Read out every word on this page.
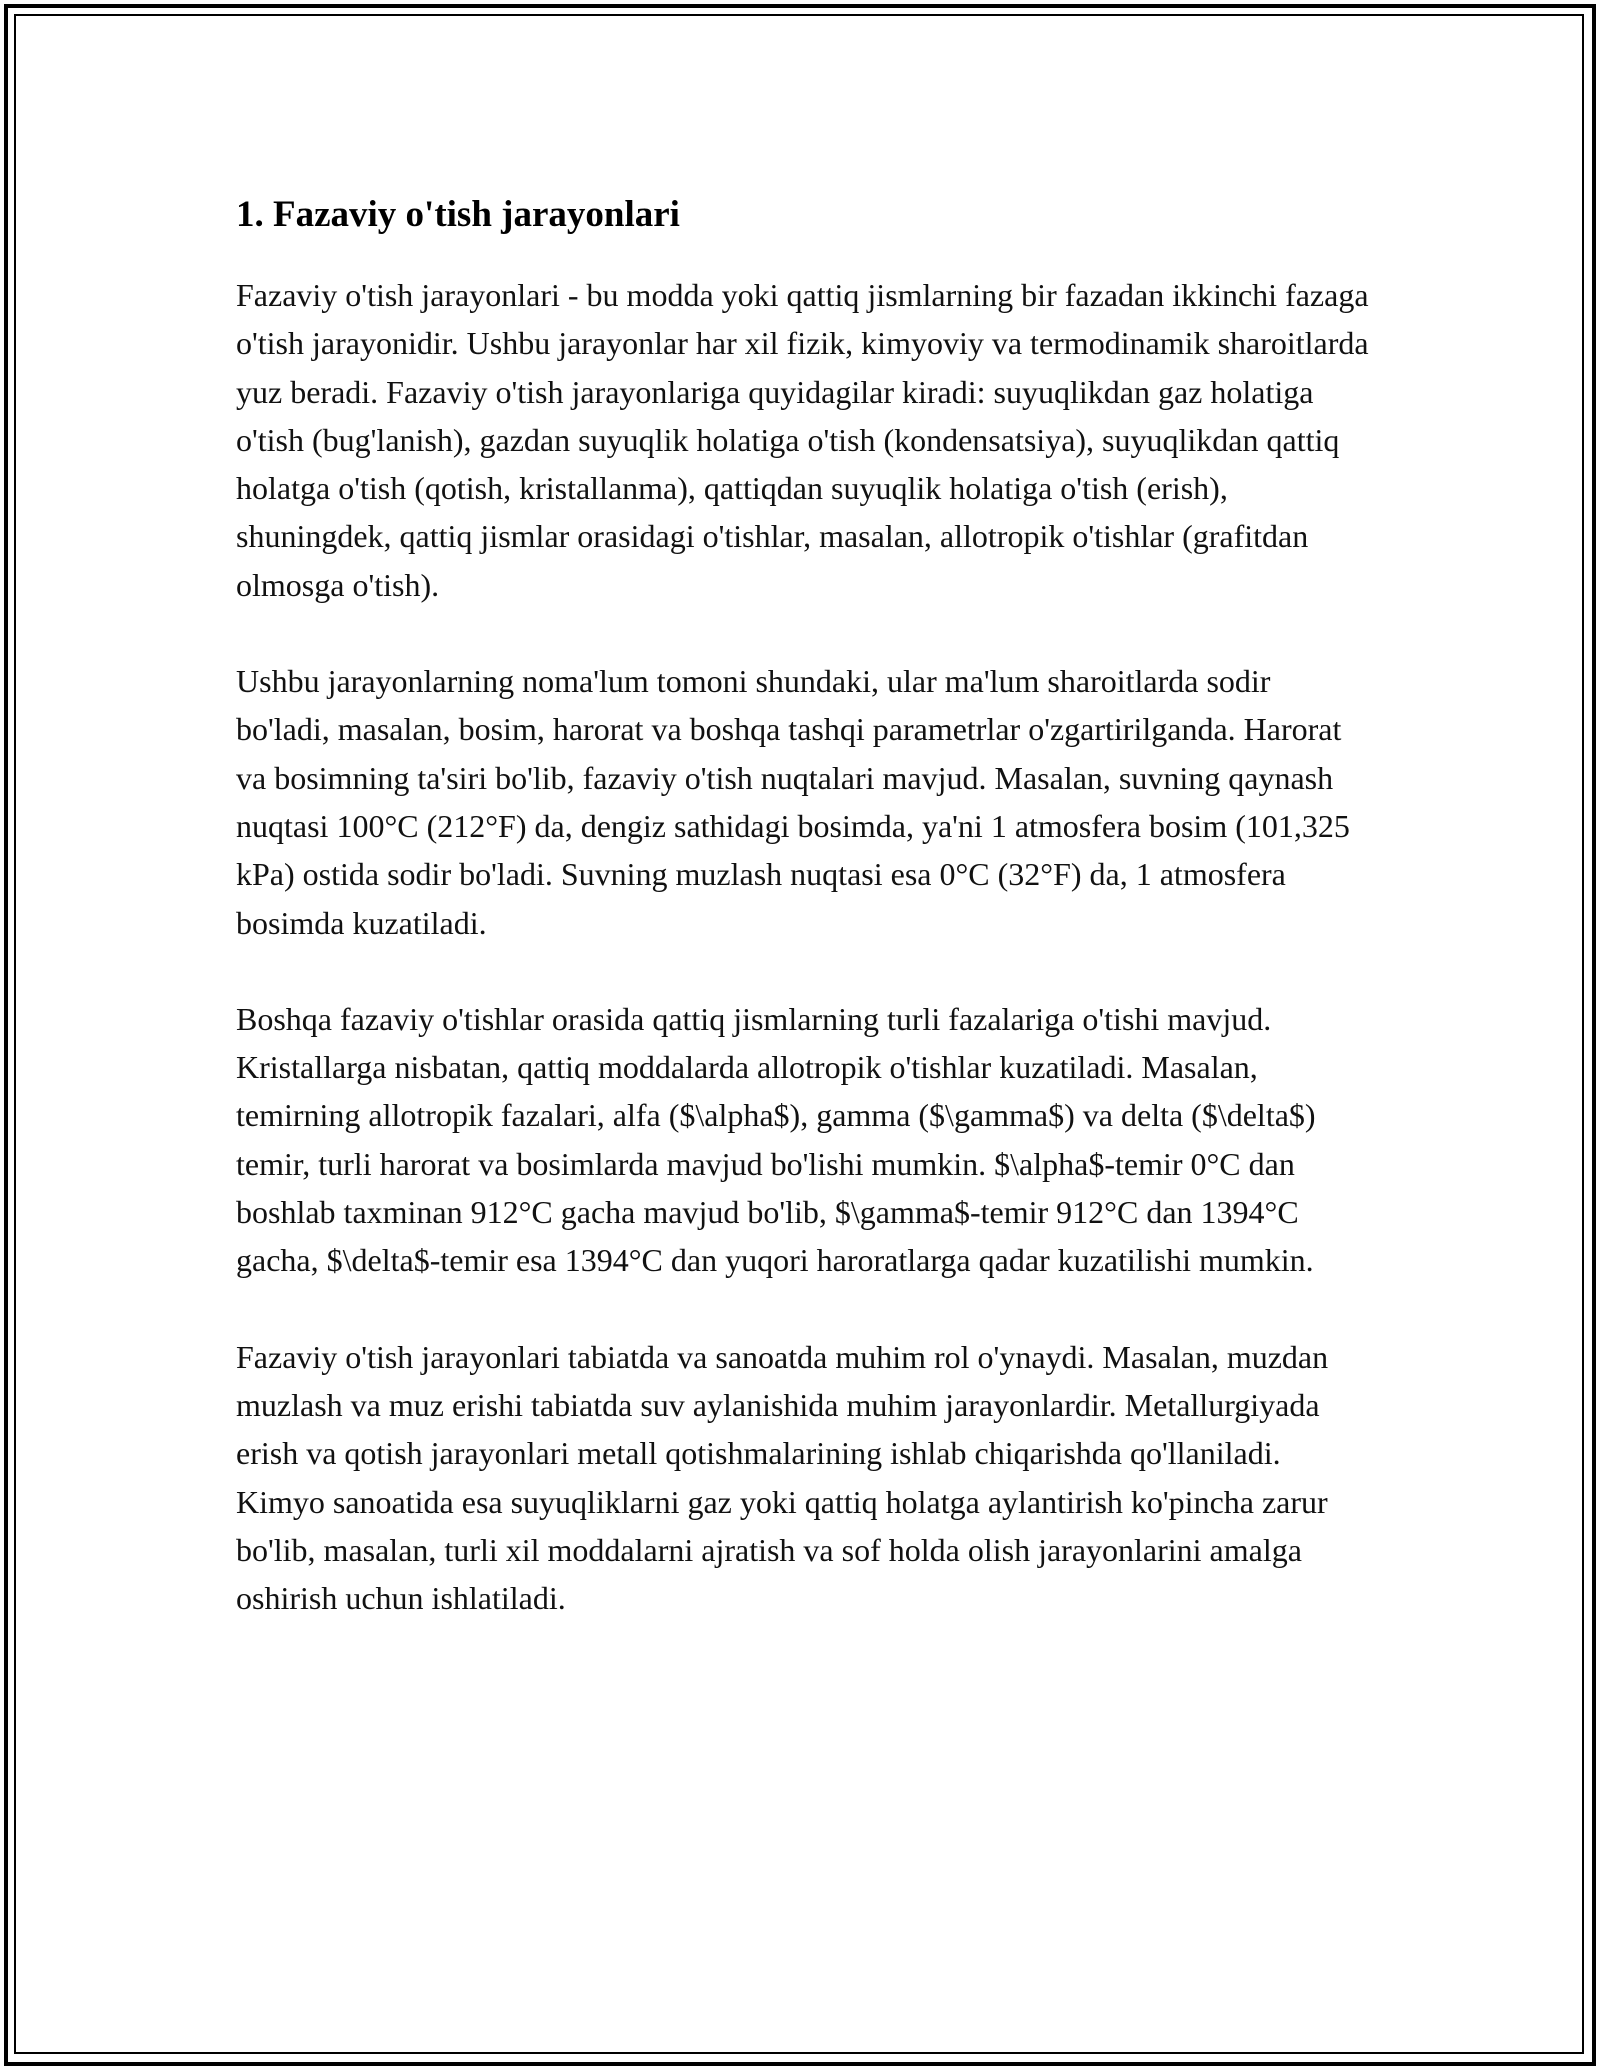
1. Fazaviy o'tish jarayonlari

Fazaviy o'tish jarayonlari - bu modda yoki qattiq jismlarning bir fazadan ikkinchi fazaga o'tish jarayonidir. Ushbu jarayonlar har xil fizik, kimyoviy va termodinamik sharoitlarda yuz beradi. Fazaviy o'tish jarayonlariga quyidagilar kiradi: suyuqlikdan gaz holatiga o'tish (bug'lanish), gazdan suyuqlik holatiga o'tish (kondensatsiya), suyuqlikdan qattiq holatga o'tish (qotish, kristallanma), qattiqdan suyuqlik holatiga o'tish (erish), shuningdek, qattiq jismlar orasidagi o'tishlar, masalan, allotropik o'tishlar (grafitdan olmosga o'tish).

Ushbu jarayonlarning noma'lum tomoni shundaki, ular ma'lum sharoitlarda sodir bo'ladi, masalan, bosim, harorat va boshqa tashqi parametrlar o'zgartirilganda. Harorat va bosimning ta'siri bo'lib, fazaviy o'tish nuqtalari mavjud. Masalan, suvning qaynash nuqtasi 100°C (212°F) da, dengiz sathidagi bosimda, ya'ni 1 atmosfera bosim (101,325 kPa) ostida sodir bo'ladi. Suvning muzlash nuqtasi esa 0°C (32°F) da, 1 atmosfera bosimda kuzatiladi.

Boshqa fazaviy o'tishlar orasida qattiq jismlarning turli fazalariga o'tishi mavjud. Kristallarga nisbatan, qattiq moddalarda allotropik o'tishlar kuzatiladi. Masalan, temirning allotropik fazalari, alfa ($\alpha$), gamma ($\gamma$) va delta ($\delta$) temir, turli harorat va bosimlarda mavjud bo'lishi mumkin. $\alpha$-temir 0°C dan boshlab taxminan 912°C gacha mavjud bo'lib, $\gamma$-temir 912°C dan 1394°C gacha, $\delta$-temir esa 1394°C dan yuqori haroratlarga qadar kuzatilishi mumkin.

Fazaviy o'tish jarayonlari tabiatda va sanoatda muhim rol o'ynaydi. Masalan, muzdan muzlash va muz erishi tabiatda suv aylanishida muhim jarayonlardir. Metallurgiyada erish va qotish jarayonlari metall qotishmalarining ishlab chiqarishda qo'llaniladi. Kimyo sanoatida esa suyuqliklarni gaz yoki qattiq holatga aylantirish ko'pincha zarur bo'lib, masalan, turli xil moddalarni ajratish va sof holda olish jarayonlarini amalga oshirish uchun ishlatiladi.
